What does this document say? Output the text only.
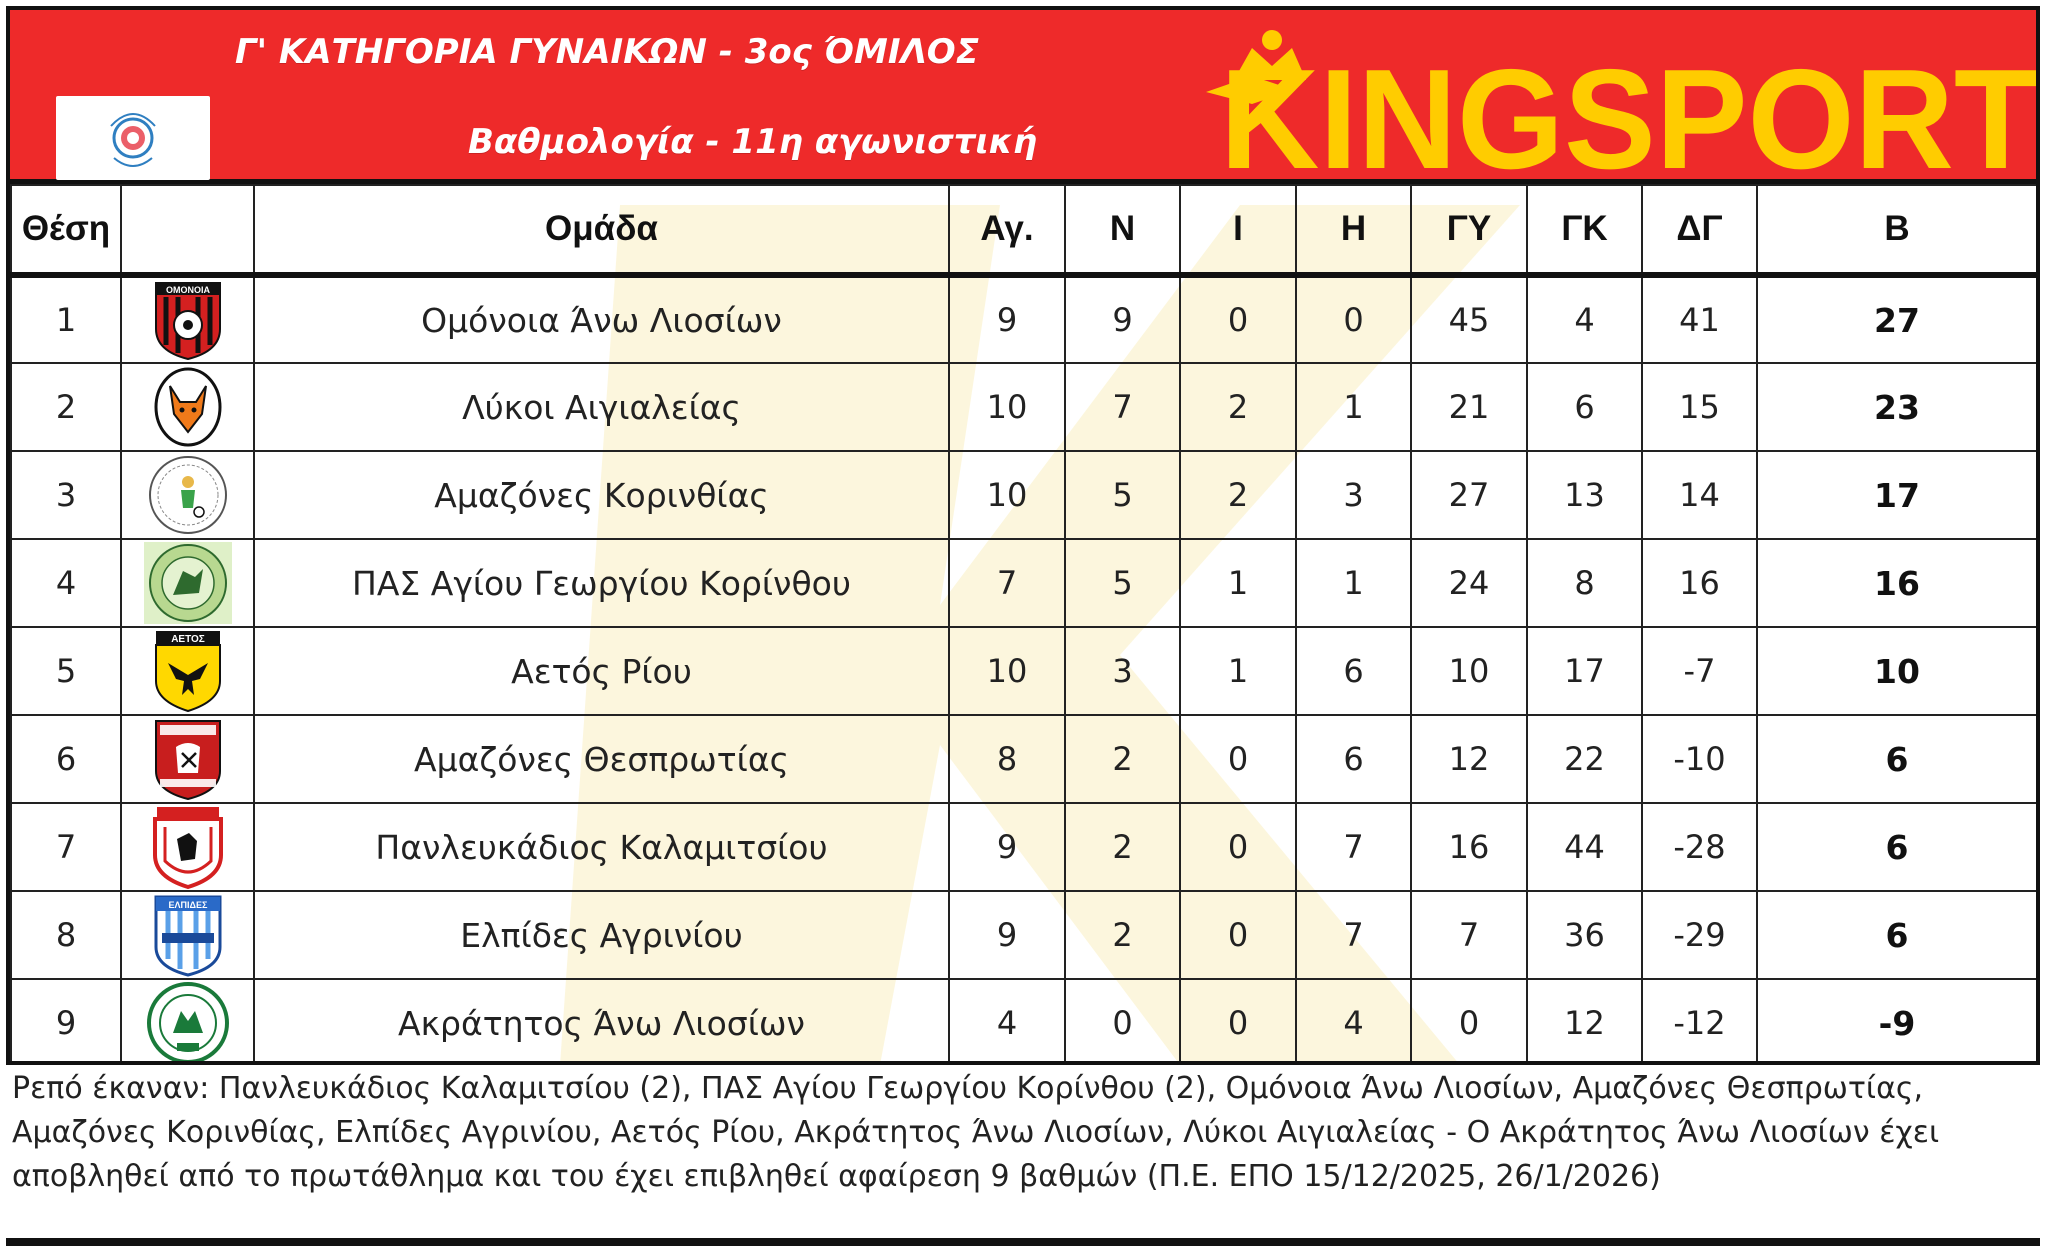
Γ' ΚΑΤΗΓΟΡΙΑ ΓΥΝΑΙΚΩΝ - 3ος ΌΜΙΛΟΣ
Βαθμολογία - 11η αγωνιστική KINGSPORT
Θέση		Ομάδα	Αγ.	Ν	Ι	Η	ΓΥ	ΓΚ	ΔΓ	Β
1	ΟΜΟΝΟΙΑ	Ομόνοια Άνω Λιοσίων	9	9	0	0	45	4	41	27
2		Λύκοι Αιγιαλείας	10	7	2	1	21	6	15	23
3		Αμαζόνες Κορινθίας	10	5	2	3	27	13	14	17
4		ΠΑΣ Αγίου Γεωργίου Κορίνθου	7	5	1	1	24	8	16	16
5	ΑΕΤΟΣ	Αετός Ρίου	10	3	1	6	10	17	-7	10
6		Αμαζόνες Θεσπρωτίας	8	2	0	6	12	22	-10	6
7		Πανλευκάδιος Καλαμιτσίου	9	2	0	7	16	44	-28	6
8	ΕΛΠΙΔΕΣ	Ελπίδες Αγρινίου	9	2	0	7	7	36	-29	6
9		Ακράτητος Άνω Λιοσίων	4	0	0	4	0	12	-12	-9
Ρεπό έκαναν: Πανλευκάδιος Καλαμιτσίου (2), ΠΑΣ Αγίου Γεωργίου Κορίνθου (2), Ομόνοια Άνω Λιοσίων, Αμαζόνες Θεσπρωτίας,
Αμαζόνες Κορινθίας, Ελπίδες Αγρινίου, Αετός Ρίου, Ακράτητος Άνω Λιοσίων, Λύκοι Αιγιαλείας - Ο Ακράτητος Άνω Λιοσίων έχει
αποβληθεί από το πρωτάθλημα και του έχει επιβληθεί αφαίρεση 9 βαθμών (Π.Ε. ΕΠΟ 15/12/2025, 26/1/2026)
